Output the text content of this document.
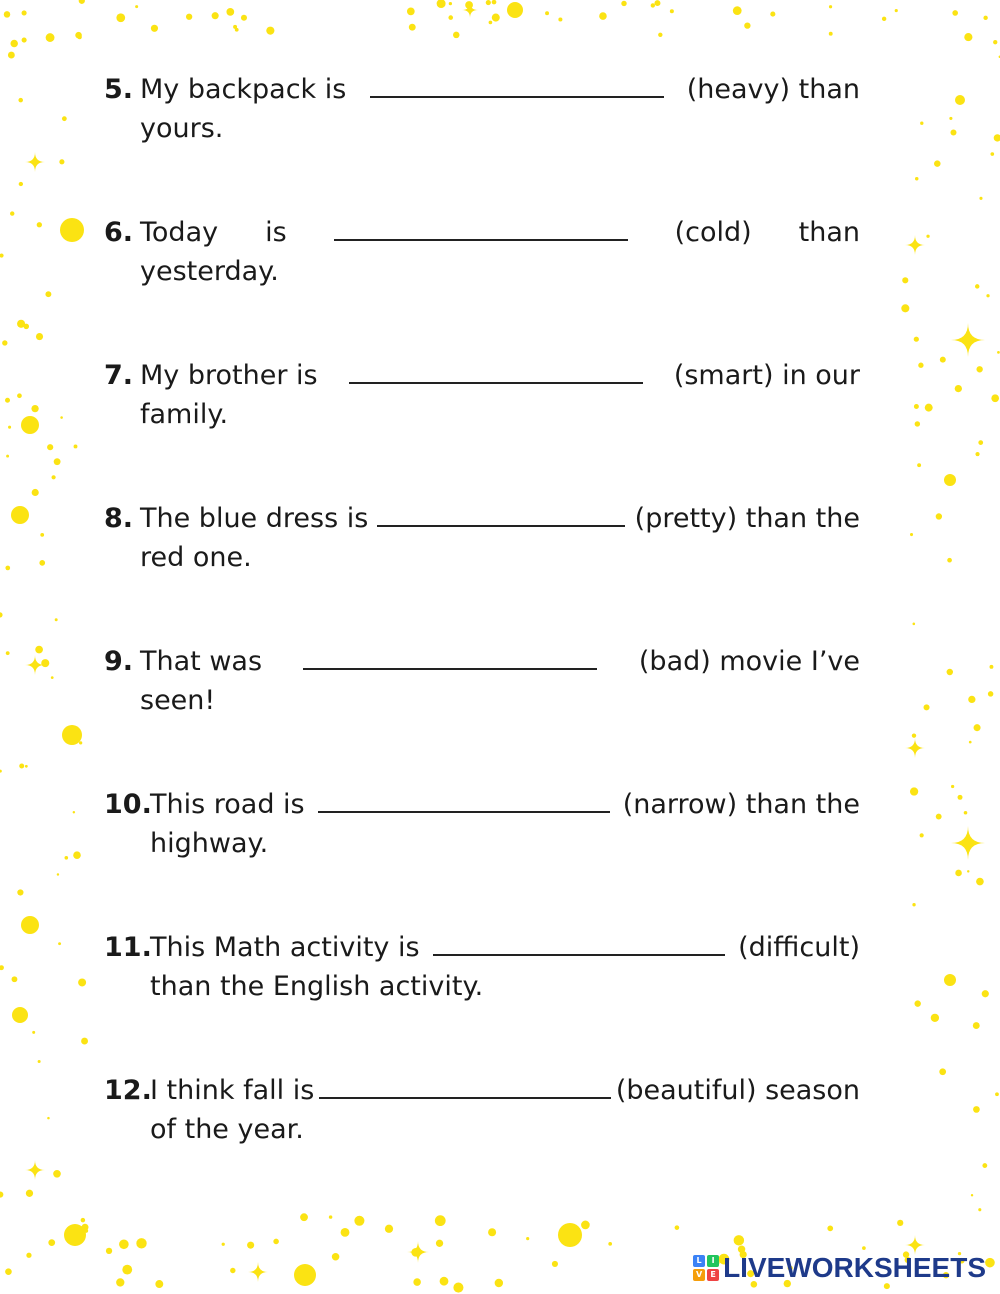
5. My backpack is	(heavy) than
yours.
6. Today is	(cold) than
yesterday.
7. My brother is	(smart) in our
family.
8. The blue dress is	(pretty) than the
red one.
9. That was	(bad) movie I’ve
seen!
10.This road is	(narrow) than the
highway.
11.This Math activity is	(difficult)
than the English activity.
12.I think fall is	(beautiful) season
of the year.
L	I
V	E LIVEWORKSHEETS
